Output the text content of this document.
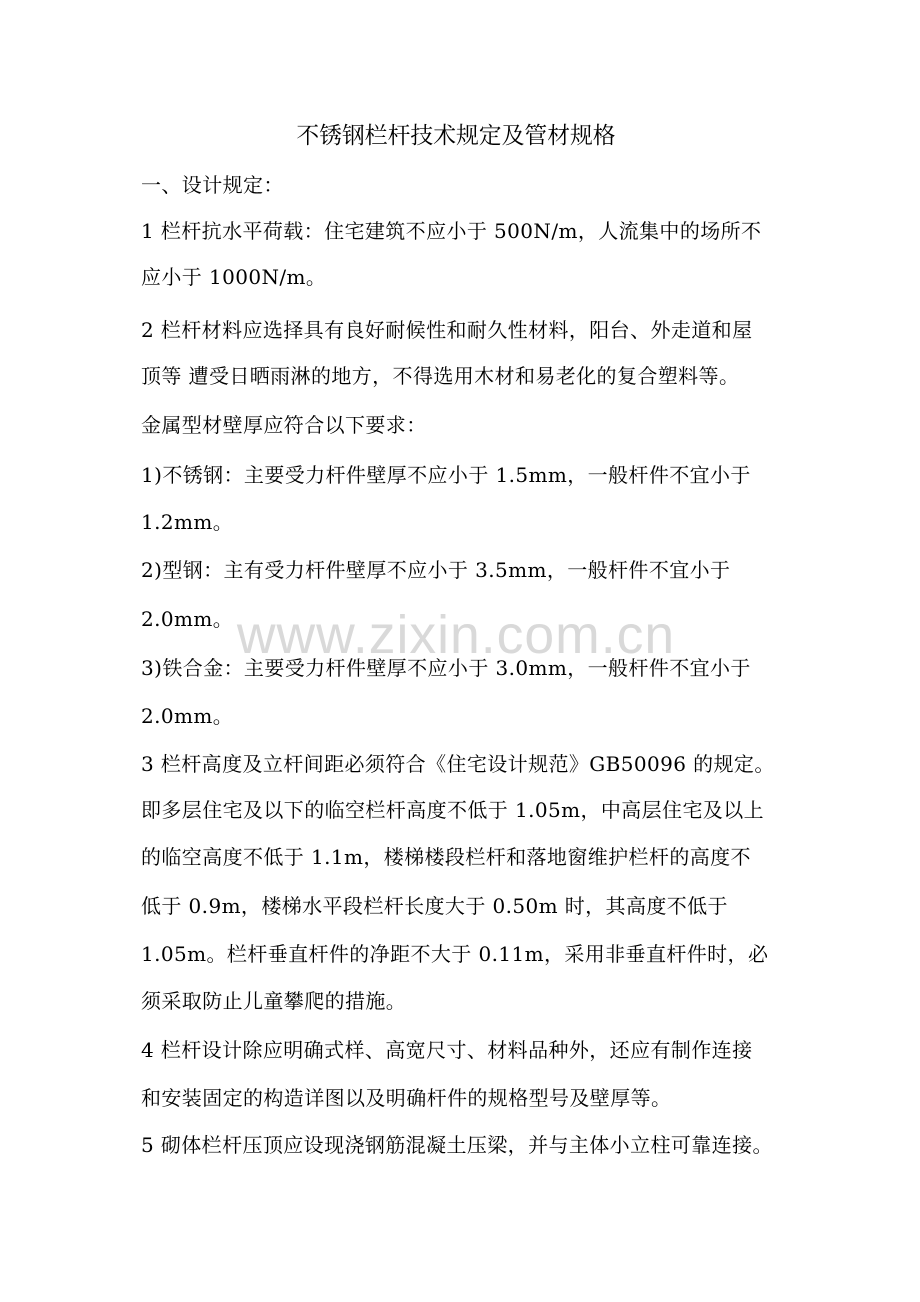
不锈钢栏杆技术规定及管材规格
一、设计规定：
1 栏杆抗水平荷载：住宅建筑不应小于 500N/m，人流集中的场所不
应小于 1000N/m。
2 栏杆材料应选择具有良好耐候性和耐久性材料，阳台、外走道和屋
顶等 遭受日晒雨淋的地方，不得选用木材和易老化的复合塑料等。
金属型材壁厚应符合以下要求：
1)不锈钢：主要受力杆件壁厚不应小于 1.5mm，一般杆件不宜小于
1.2mm。
2)型钢：主有受力杆件壁厚不应小于 3.5mm，一般杆件不宜小于
2.0mm。
3)铁合金：主要受力杆件壁厚不应小于 3.0mm，一般杆件不宜小于
2.0mm。
3 栏杆高度及立杆间距必须符合《住宅设计规范》GB50096 的规定。
即多层住宅及以下的临空栏杆高度不低于 1.05m，中高层住宅及以上
的临空高度不低于 1.1m，楼梯楼段栏杆和落地窗维护栏杆的高度不
低于 0.9m，楼梯水平段栏杆长度大于 0.50m 时，其高度不低于
1.05m。栏杆垂直杆件的净距不大于 0.11m，采用非垂直杆件时，必
须采取防止儿童攀爬的措施。
4 栏杆设计除应明确式样、高宽尺寸、材料品种外，还应有制作连接
和安装固定的构造详图以及明确杆件的规格型号及壁厚等。
5 砌体栏杆压顶应设现浇钢筋混凝土压梁，并与主体小立柱可靠连接。
www.zixin.com.cn
